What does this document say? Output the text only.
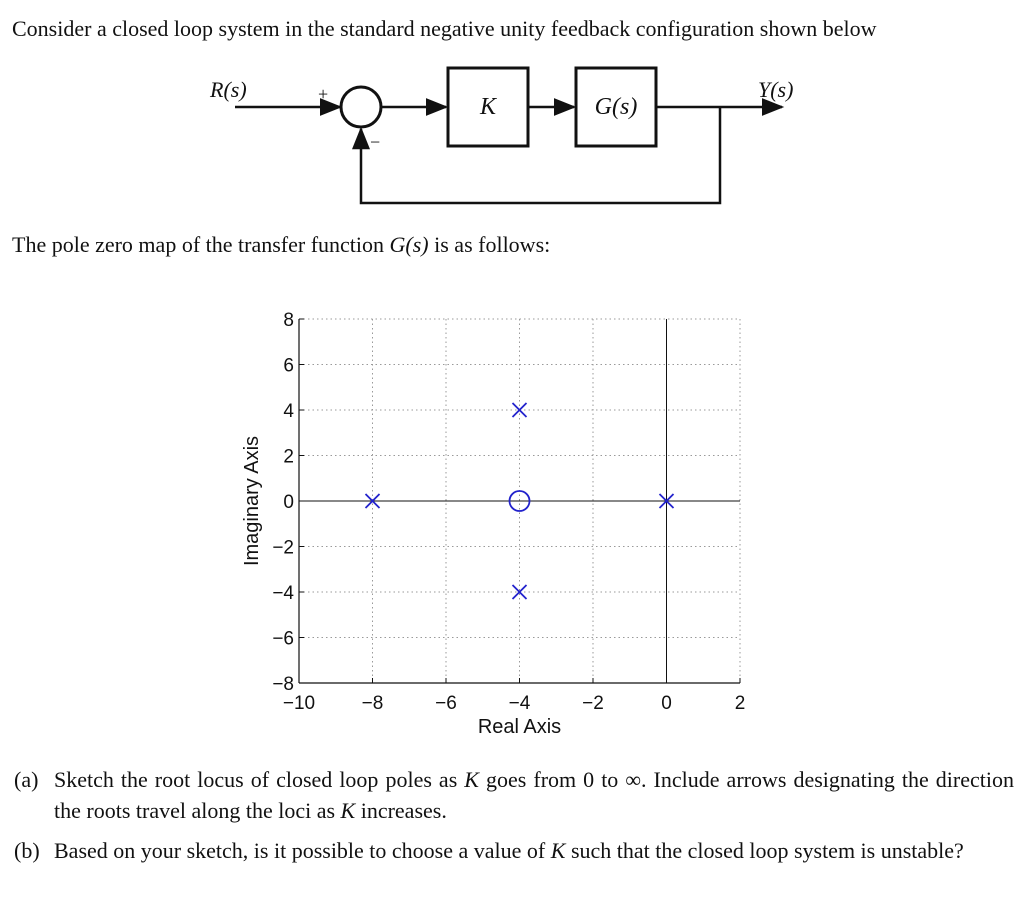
Consider a closed loop system in the standard negative unity feedback configuration shown below
R(s)	Y(s)
+
−
K	G(s)
The pole zero map of the transfer function G(s) is as follows:
−10 −8	−6	−4	−2	0	2
−8
−6
−4
−2
0
2
4
6
8
Real Axis
Imaginary Axis
(a) Sketch the root locus of closed loop poles as K goes from 0 to ∞. Include arrows designating the direction the roots travel along the loci as K increases.
(b) Based on your sketch, is it possible to choose a value of K such that the closed loop system is unstable?
